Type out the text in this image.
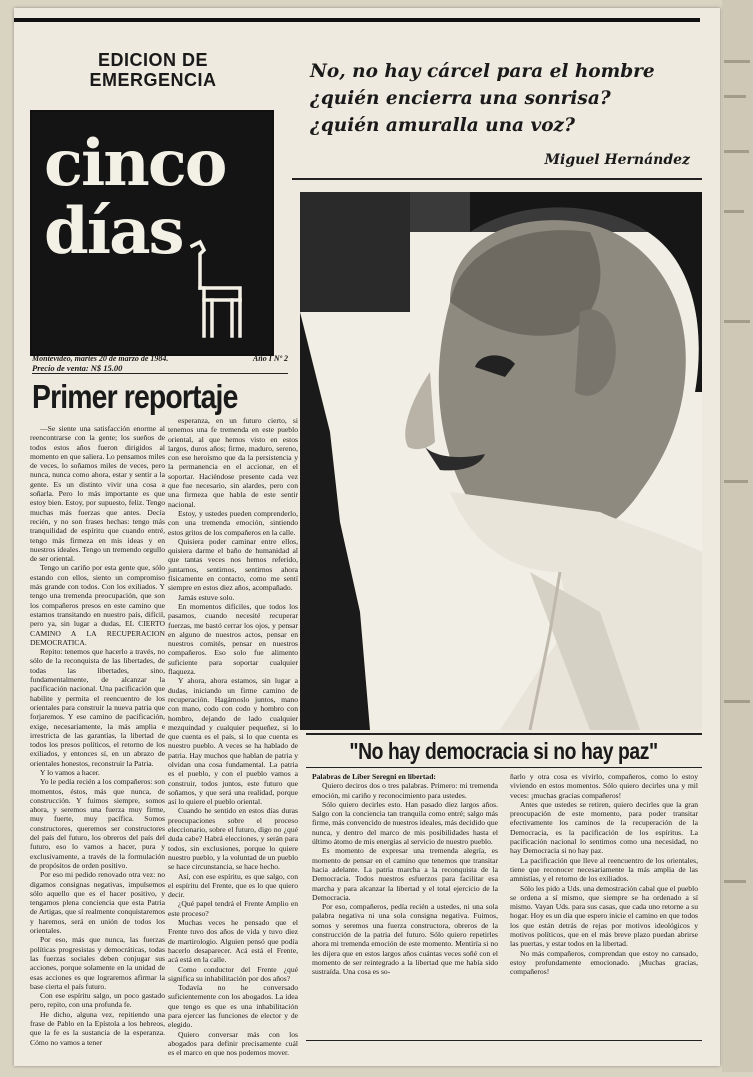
EDICION DE
EMERGENCIA
cinco
días
Montevideo, martes 20 de marzo de 1984.	Año I Nº 2
Precio de venta: N$ 15.00
No, no hay cárcel para el hombre
¿quién encierra una sonrisa?
¿quién amuralla una voz?
Miguel Hernández
Primer reportaje

—Se siente una satisfacción enorme al reencontrarse con la gente; los sueños de todos estos años fueron dirigidos al momento en que saliera. Lo pensamos miles de veces, lo soñamos miles de veces, pero nunca, nunca como ahora, estar y sentir a la gente. Es un distinto vivir una cosa a soñarla. Pero lo más importante es que estoy bien. Estoy, por supuesto, feliz. Tengo muchas más fuerzas que antes. Decía recién, y no son frases hechas: tengo más tranquilidad de espíritu que cuando entré, tengo más firmeza en mis ideas y en nuestros ideales. Tengo un tremendo orgullo de ser oriental.

Tengo un cariño por esta gente que, sólo estando con ellos, siento un compromiso más grande con todos. Con los exiliados. Y tengo una tremenda preocupación, que son los compañeros presos en este camino que estamos transitando en nuestro país, difícil, pero ya, sin lugar a dudas, EL CIERTO CAMINO A LA RECUPERACION DEMOCRATICA.

Repito: tenemos que hacerlo a través, no sólo de la reconquista de las libertades, de todas las libertades, sino, fundamentalmente, de alcanzar la pacificación nacional. Una pacificación que habilite y permita el reencuentro de los orientales para construir la nueva patria que forjaremos. Y ese camino de pacificación, exige, necesariamente, la más amplia e irrestricta de las garantías, la libertad de todos los presos políticos, el retorno de los exiliados, y entonces sí, en un abrazo de orientales honestos, reconstruir la Patria.

Y lo vamos a hacer.

Yo le pedía recién a los compañeros: son momentos, éstos, más que nunca, de construcción. Y fuimos siempre, somos ahora, y seremos una fuerza muy firme, muy fuerte, muy pacífica. Somos constructores, queremos ser constructores del país del futuro, los obreros del país del futuro, eso lo vamos a hacer, pura y exclusivamente, a través de la formulación de propósitos de orden positivo.

Por eso mi pedido renovado otra vez: no digamos consignas negativas, impulsemos sólo aquello que es el hacer positivo, y tengamos plena conciencia que esta Patria de Artigas, que sí realmente conquistaremos y haremos, será en unión de todos los orientales.

Por eso, más que nunca, las fuerzas políticas progresistas y democráticas, todas las fuerzas sociales deben conjugar sus acciones, porque solamente en la unidad de esas acciones es que lograremos afirmar la base cierta el país futuro.

Con ese espíritu salgo, un poco gastado pero, repito, con una profunda fe.

He dicho, alguna vez, repitiendo una frase de Pablo en la Epístola a los hebreos, que la fe es la sustancia de la esperanza. Cómo no vamos a tener

esperanza, en un futuro cierto, si tenemos una fe tremenda en este pueblo oriental, al que hemos visto en estos largos, duros años; firme, maduro, sereno, con ese heroísmo que da la persistencia y la permanencia en el accionar, en el soportar. Haciéndose presente cada vez que fue necesario, sin alardes, pero con una firmeza que habla de este sentir nacional.

Estoy, y ustedes pueden comprenderlo, con una tremenda emoción, sintiendo estos gritos de los compañeros en la calle.

Quisiera poder caminar entre ellos, quisiera darme el baño de humanidad al que tantas veces nos hemos referido, juntarnos, sentirnos, sentirnos ahora físicamente en contacto, como me sentí siempre en estos diez años, acompañado.

Jamás estuve solo.

En momentos difíciles, que todos los pasamos, cuando necesité recuperar fuerzas, me bastó cerrar los ojos, y pensar en alguno de nuestros actos, pensar en nuestros comités, pensar en nuestros compañeros. Eso solo fue alimento suficiente para soportar cualquier flaqueza.

Y ahora, ahora estamos, sin lugar a dudas, iniciando un firme camino de recuperación. Hagámoslo juntos, mano con mano, codo con codo y hombro con hombro, dejando de lado cualquier mezquindad y cualquier pequeñez, si lo que cuenta es el país, si lo que cuenta es nuestro pueblo. A veces se ha hablado de patria. Hay muchos que hablan de patria y olvidan una cosa fundamental. La patria es el pueblo, y con el pueblo vamos a construir, todos juntos, este futuro que soñamos, y que será una realidad, porque así lo quiere el pueblo oriental.

Cuando he sentido en estos días duras preocupaciones sobre el proceso eleccionario, sobre el futuro, digo no ¿qué duda cabe? Habrá elecciones, y serán para todos, sin exclusiones, porque lo quiere nuestro pueblo, y la voluntad de un pueblo se hace circunstancia, se hace hecho.

Así, con ese espíritu, es que salgo, con el espíritu del Frente, que es lo que quiero decir.

¿Qué papel tendrá el Frente Amplio en este proceso?

Muchas veces he pensado que el Frente tuvo dos años de vida y tuvo diez de martirologio. Alguien pensó que podía hacerlo desaparecer. Acá está el Frente, acá está en la calle.

Como conductor del Frente ¿qué significa su inhabilitación por dos años?

Todavía no he conversado suficientemente con los abogados. La idea que tengo es que es una inhabilitación para ejercer las funciones de elector y de elegido.

Quiero conversar más con los abogados para definir precisamente cuál es el marco en que nos podemos mover.

"No hay democracia si no hay paz"

Palabras de Líber Seregni en libertad:

Quiero deciros dos o tres palabras. Primero: mi tremenda emoción, mi cariño y reconocimiento para ustedes.

Sólo quiero decirles esto. Han pasado diez largos años. Salgo con la conciencia tan tranquila como entré; salgo más firme, más convencido de nuestros ideales, más decidido que nunca, y dentro del marco de mis posibilidades hasta el último átomo de mis energías al servicio de nuestro pueblo.

Es momento de expresar una tremenda alegría, es momento de pensar en el camino que tenemos que transitar hacia adelante. La patria marcha a la reconquista de la Democracia. Todos nuestros esfuerzos para facilitar esa marcha y para alcanzar la libertad y el total ejercicio de la Democracia.

Por eso, compañeros, pedía recién a ustedes, ni una sola palabra negativa ni una sola consigna negativa. Fuimos, somos y seremos una fuerza constructora, obreros de la construcción de la patria del futuro. Sólo quiero repetirles ahora mi tremenda emoción de este momento. Mentiría si no les dijera que en estos largos años cuántas veces soñé con el momento de ser reintegrado a la libertad que me había sido sustraída. Una cosa es so-

ñarlo y otra cosa es vivirlo, compañeros, como lo estoy viviendo en estos momentos. Sólo quiero decirles una y mil veces: ¡muchas gracias compañeros!

Antes que ustedes se retiren, quiero decirles que la gran preocupación de este momento, para poder transitar efectivamente los caminos de la recuperación de la Democracia, es la pacificación de los espíritus. La pacificación nacional lo sentimos como una necesidad, no hay Democracia si no hay paz.

La pacificación que lleve al reencuentro de los orientales, tiene que reconocer necesariamente la más amplia de las amnistías, y el retorno de los exiliados.

Sólo les pido a Uds. una demostración cabal que el pueblo se ordena a sí mismo, que siempre se ha ordenado a sí mismo. Vayan Uds. para sus casas, que cada uno retorne a su hogar. Hoy es un día que espero inicie el camino en que todos los que están detrás de rejas por motivos ideológicos y motivos políticos, que en el más breve plazo puedan abrirse las puertas, y estar todos en la libertad.

No más compañeros, comprendan que estoy no cansado, estoy profundamente emocionado. ¡Muchas gracias, compañeros!
